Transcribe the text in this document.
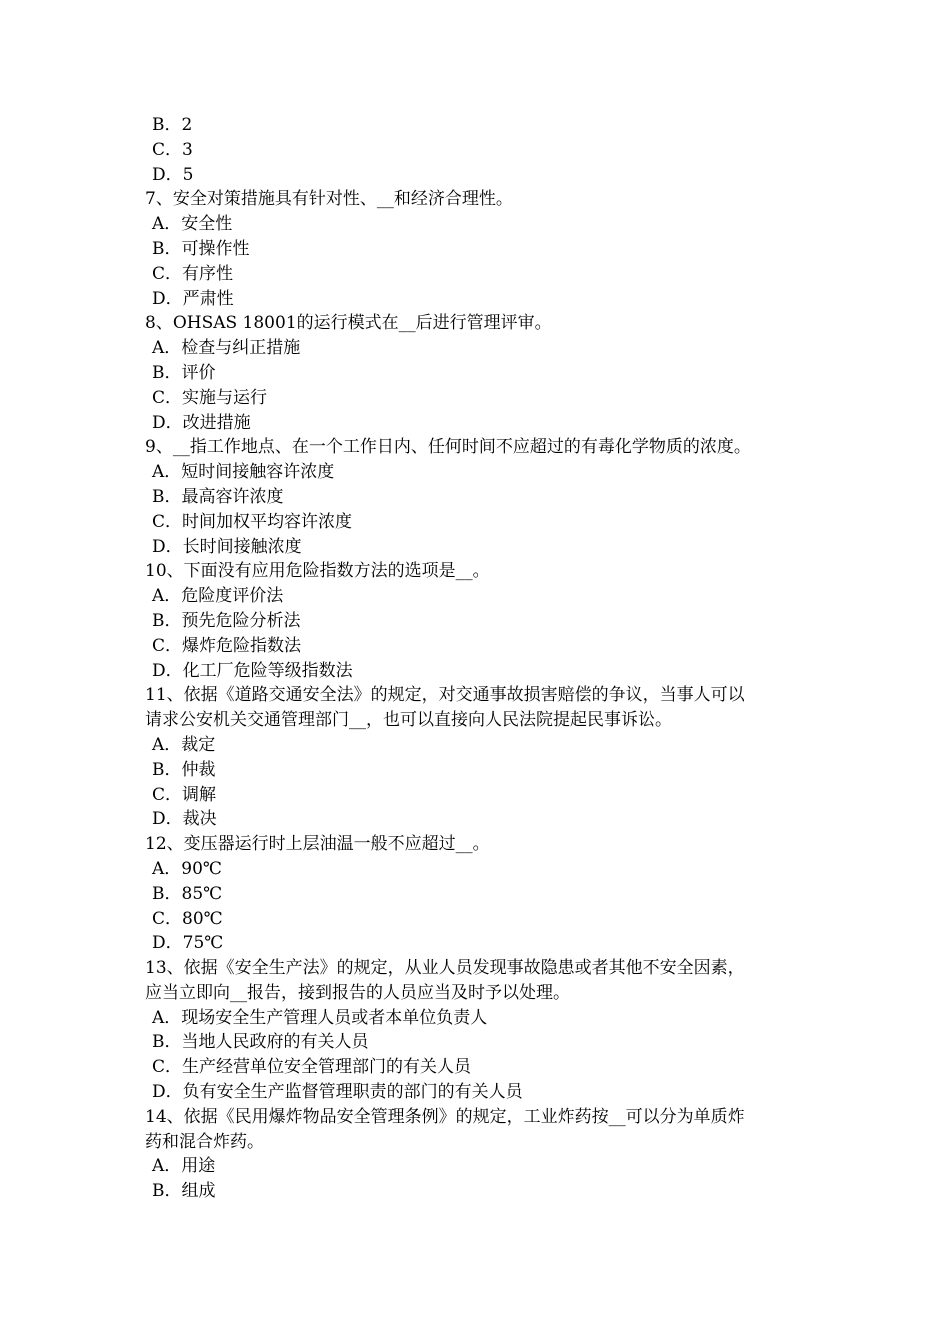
B．2
C．3
D．5
7、安全对策措施具有针对性、__和经济合理性。
A．安全性
B．可操作性
C．有序性
D．严肃性
8、OHSAS 18001的运行模式在__后进行管理评审。
A．检查与纠正措施
B．评价
C．实施与运行
D．改进措施
9、__指工作地点、在一个工作日内、任何时间不应超过的有毒化学物质的浓度。
A．短时间接触容许浓度
B．最高容许浓度
C．时间加权平均容许浓度
D．长时间接触浓度
10、下面没有应用危险指数方法的选项是__。
A．危险度评价法
B．预先危险分析法
C．爆炸危险指数法
D．化工厂危险等级指数法
11、依据《道路交通安全法》的规定，对交通事故损害赔偿的争议，当事人可以
请求公安机关交通管理部门__，也可以直接向人民法院提起民事诉讼。
A．裁定
B．仲裁
C．调解
D．裁决
12、变压器运行时上层油温一般不应超过__。
A．90℃
B．85℃
C．80℃
D．75℃
13、依据《安全生产法》的规定，从业人员发现事故隐患或者其他不安全因素，
应当立即向__报告，接到报告的人员应当及时予以处理。
A．现场安全生产管理人员或者本单位负责人
B．当地人民政府的有关人员
C．生产经营单位安全管理部门的有关人员
D．负有安全生产监督管理职责的部门的有关人员
14、依据《民用爆炸物品安全管理条例》的规定，工业炸药按__可以分为单质炸
药和混合炸药。
A．用途
B．组成
